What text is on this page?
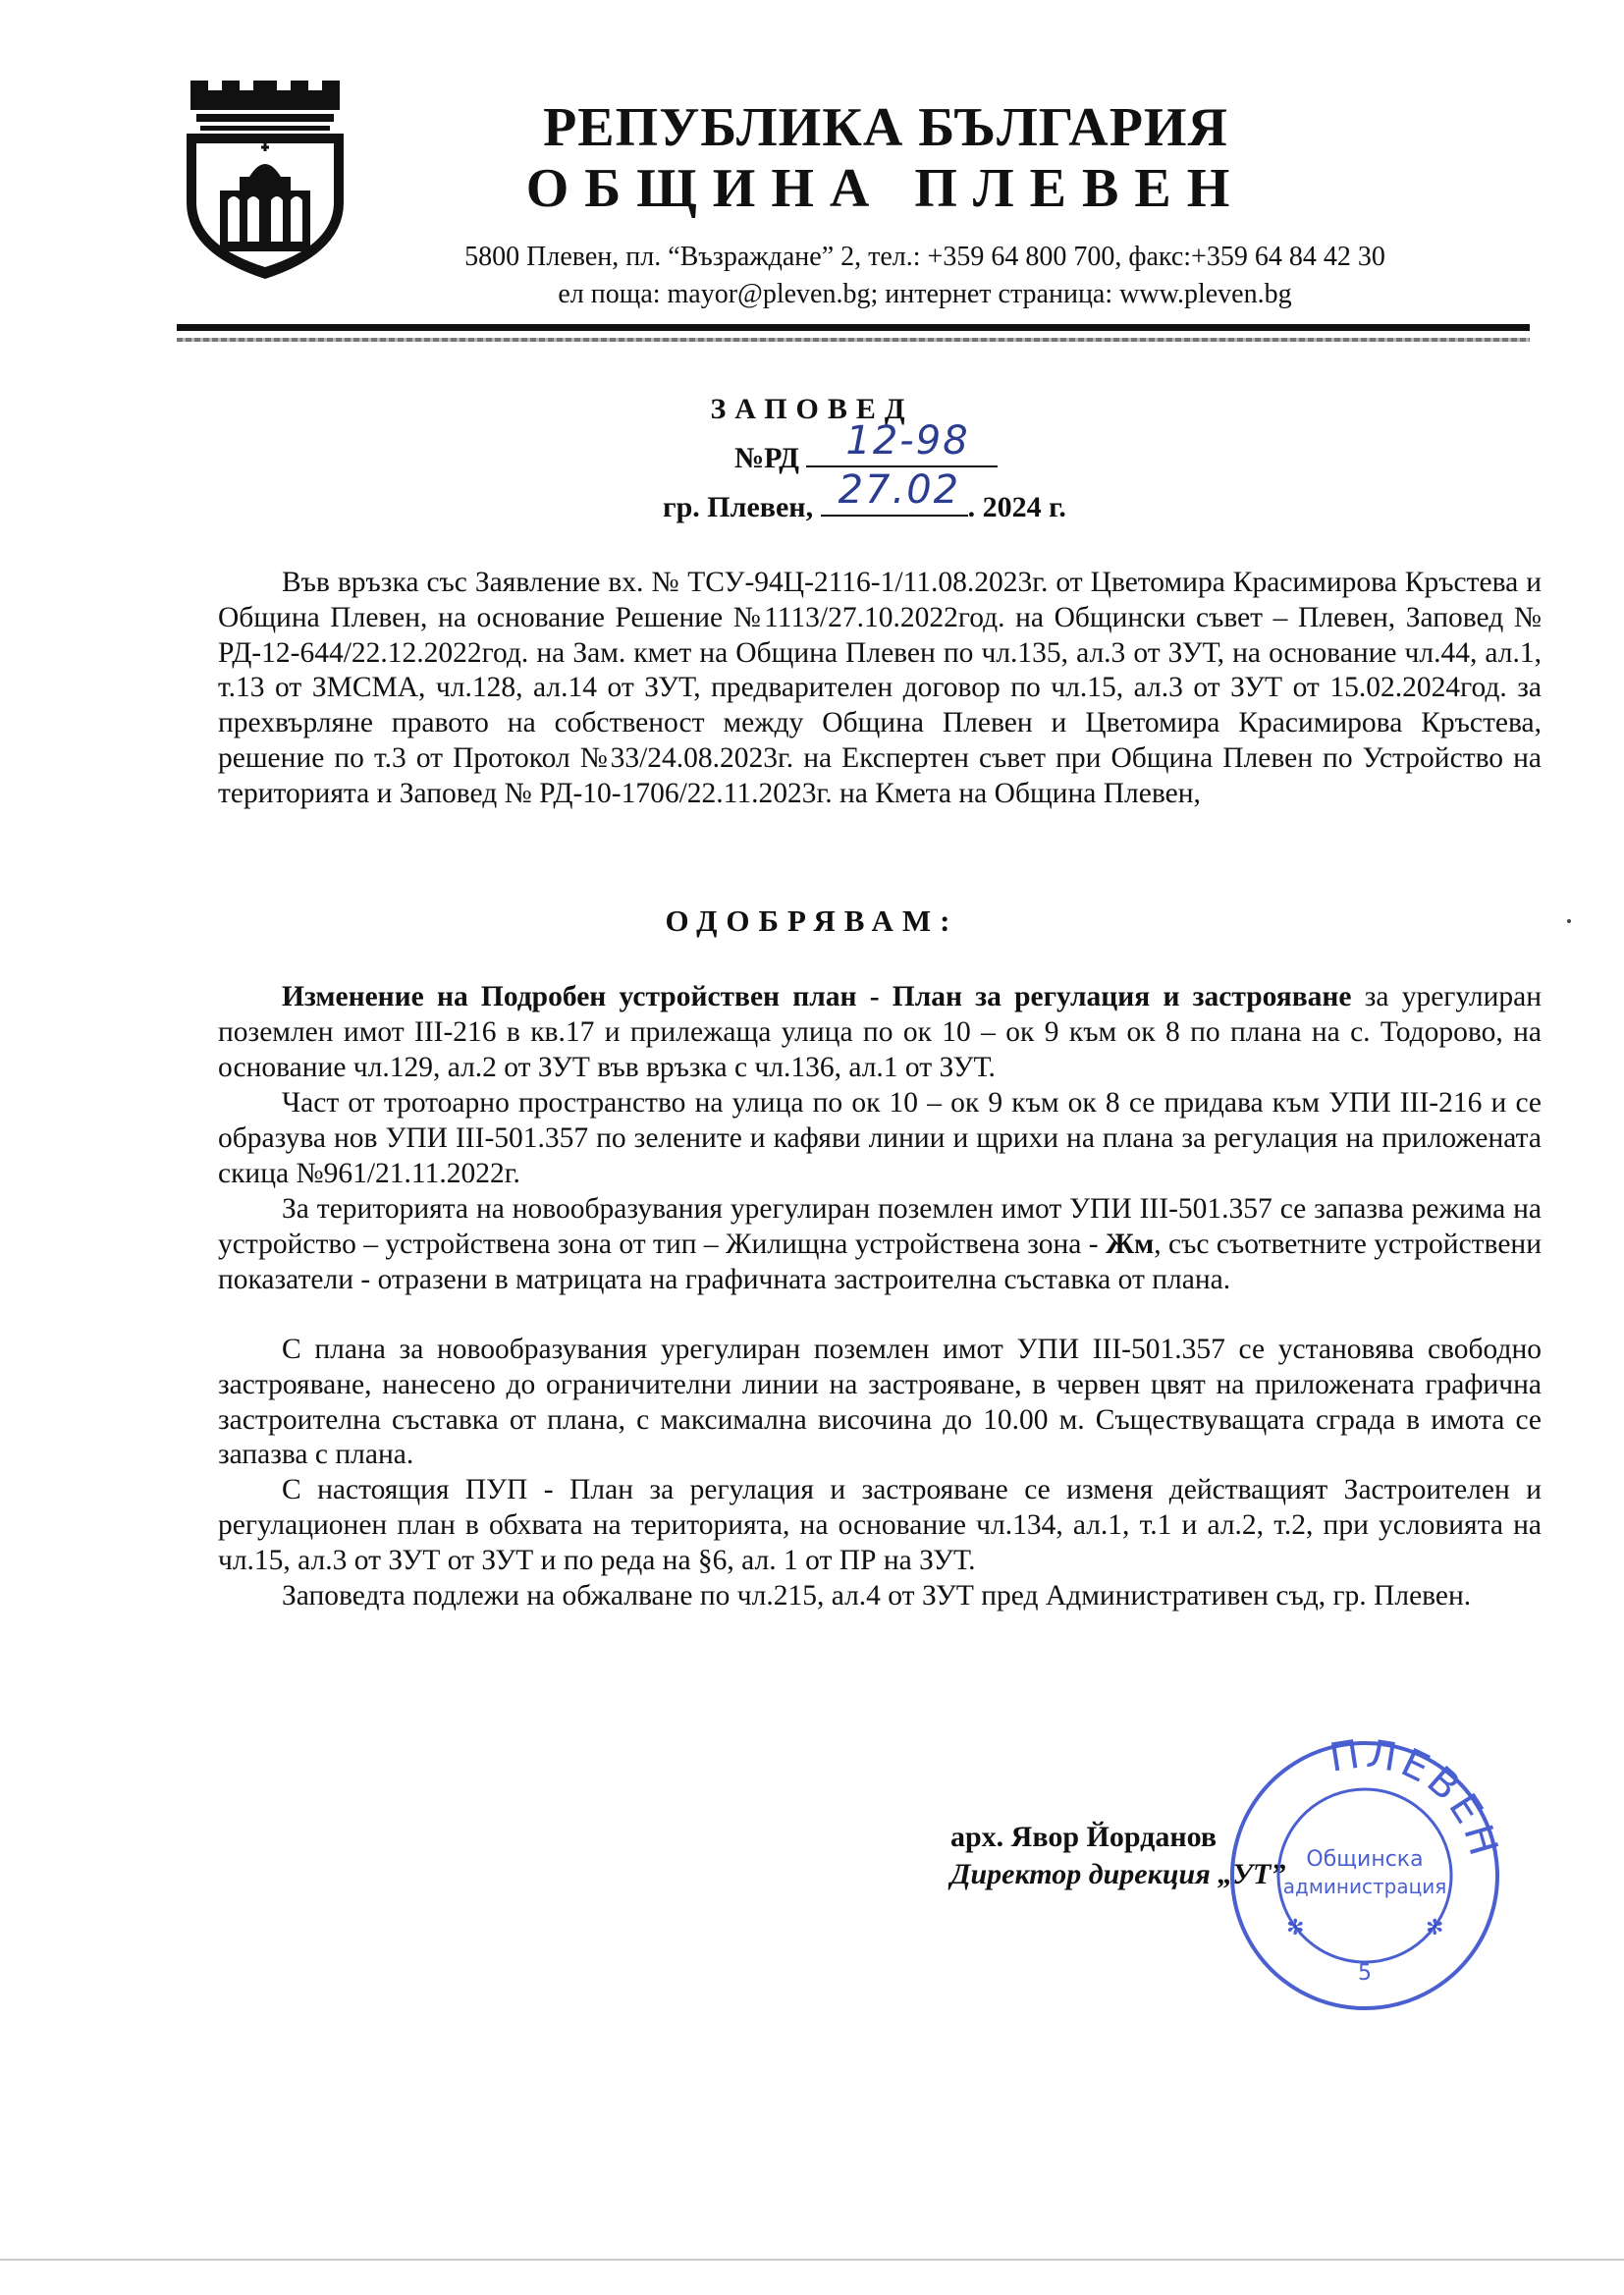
РЕПУБЛИКА БЪЛГАРИЯ
ОБЩИНА ПЛЕВЕН
5800 Плевен, пл. “Възраждане” 2, тел.: +359 64 800 700, факс:+359 64 84 42 30
ел поща: mayor@pleven.bg; интернет страница: www.pleven.bg
ЗАПОВЕД
№РД 12-98
гр. Плевен, 27.02 . 2024 г.
Във връзка със Заявление вх. № ТСУ-94Ц-2116-1/11.08.2023г. от Цветомира Красимирова Кръстева и Община Плевен, на основание Решение №1113/27.10.2022год. на Общински съвет – Плевен, Заповед № РД-12-644/22.12.2022год. на Зам. кмет на Община Плевен по чл.135, ал.3 от ЗУТ, на основание чл.44, ал.1, т.13 от ЗМСМА, чл.128, ал.14 от ЗУТ, предварителен договор по чл.15, ал.3 от ЗУТ от 15.02.2024год. за прехвърляне правото на собственост между Община Плевен и Цветомира Красимирова Кръстева, решение по т.3 от Протокол №33/24.08.2023г. на Експертен съвет при Община Плевен по Устройство на територията и Заповед № РД-10-1706/22.11.2023г. на Кмета на Община Плевен,
ОДОБРЯВАМ:
Изменение на Подробен устройствен план - План за регулация и застрояване за урегулиран поземлен имот III-216 в кв.17 и прилежаща улица по ок 10 – ок 9 към ок 8 по плана на с. Тодорово, на основание чл.129, ал.2 от ЗУТ във връзка с чл.136, ал.1 от ЗУТ.
Част от тротоарно пространство на улица по ок 10 – ок 9 към ок 8 се придава към УПИ III-216 и се образува нов УПИ III-501.357 по зелените и кафяви линии и щрихи на плана за регулация на приложената скица №961/21.11.2022г.
За територията на новообразувания урегулиран поземлен имот УПИ III-501.357 се запазва режима на устройство – устройствена зона от тип – Жилищна устройствена зона - Жм, със съответните устройствени показатели - отразени в матрицата на графичната застроителна съставка от плана.
С плана за новообразувания урегулиран поземлен имот УПИ III-501.357 се установява свободно застрояване, нанесено до ограничителни линии на застрояване, в червен цвят на приложената графична застроителна съставка от плана, с максимална височина до 10.00 м. Съществуващата сграда в имота се запазва с плана.
С настоящия ПУП - План за регулация и застрояване се изменя действащият Застроителен и регулационен план в обхвата на територията, на основание чл.134, ал.1, т.1 и ал.2, т.2, при условията на чл.15, ал.3 от ЗУТ от ЗУТ и по реда на §6, ал. 1 от ПР на ЗУТ.
Заповедта подлежи на обжалване по чл.215, ал.4 от ЗУТ пред Административен съд, гр. Плевен.
арх. Явор Йорданов
Директор дирекция „УТ”
ПЛЕВЕН
Общинска
администрация
✻	✻
5
